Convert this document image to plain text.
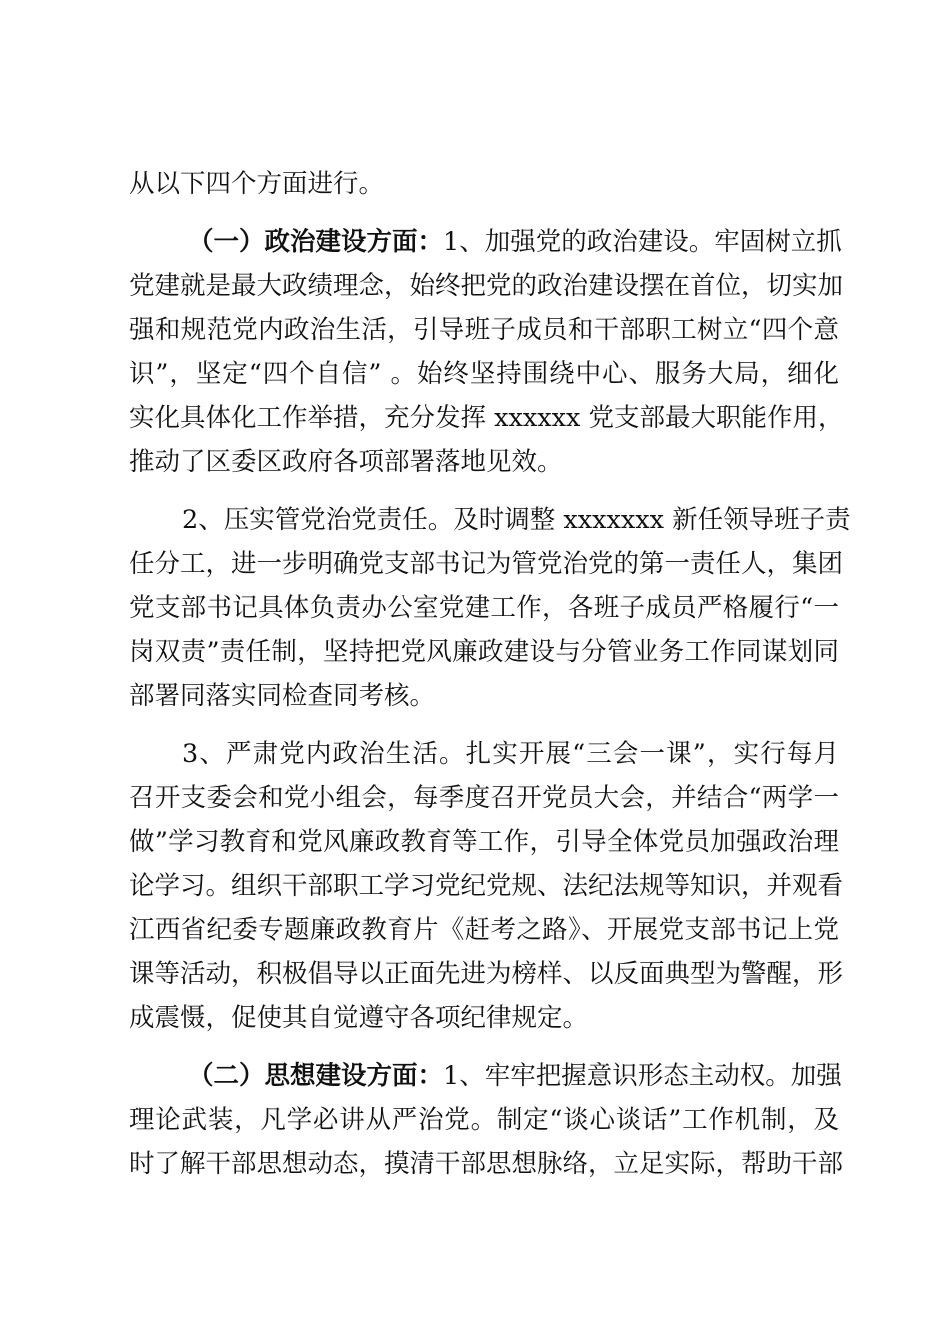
从以下四个方面进行。
（一）政治建设方面：1、加强党的政治建设。牢固树立抓
党建就是最大政绩理念，始终把党的政治建设摆在首位，切实加
强和规范党内政治生活，引导班子成员和干部职工树立“四个意
识”，坚定“四个自信” 。始终坚持围绕中心、服务大局，细化
实化具体化工作举措，充分发挥 xxxxxx 党支部最大职能作用，
推动了区委区政府各项部署落地见效。
2、压实管党治党责任。及时调整 xxxxxxx 新任领导班子责
任分工，进一步明确党支部书记为管党治党的第一责任人，集团
党支部书记具体负责办公室党建工作，各班子成员严格履行“一
岗双责”责任制，坚持把党风廉政建设与分管业务工作同谋划同
部署同落实同检查同考核。
3、严肃党内政治生活。扎实开展“三会一课”，实行每月
召开支委会和党小组会，每季度召开党员大会，并结合“两学一
做”学习教育和党风廉政教育等工作，引导全体党员加强政治理
论学习。组织干部职工学习党纪党规、法纪法规等知识，并观看
江西省纪委专题廉政教育片《赶考之路》、开展党支部书记上党
课等活动，积极倡导以正面先进为榜样、以反面典型为警醒，形
成震慑，促使其自觉遵守各项纪律规定。
理论武装，凡学必讲从严治党。制定“谈心谈话”工作机制，及
时了解干部思想动态，摸清干部思想脉络，立足实际，帮助干部
（二）思想建设方面：1、牢牢把握意识形态主动权。加强
